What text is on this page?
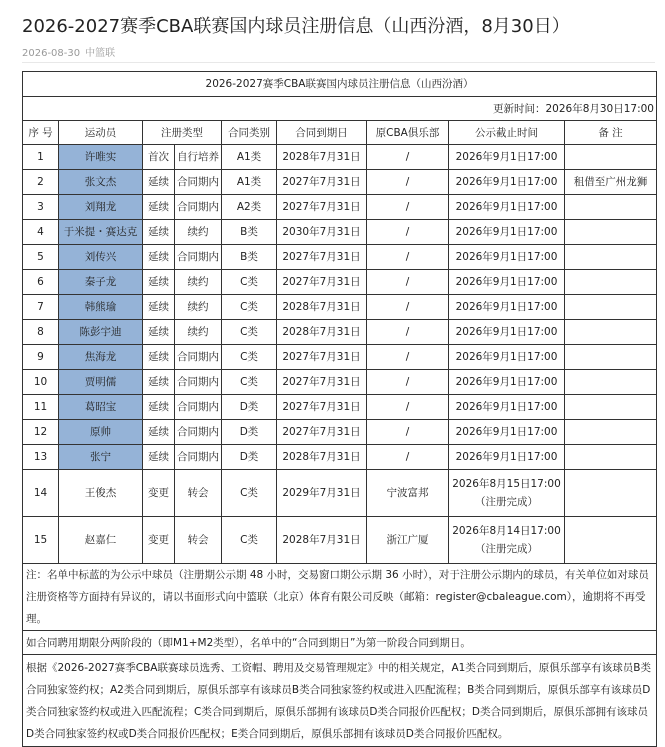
2026-2027赛季CBA联赛国内球员注册信息（山西汾酒，8月30日）
2026-08-30 中篮联
2026-2027赛季CBA联赛国内球员注册信息（山西汾酒）								
更新时间：2026年8月30日17:00								
序 号	运动员	注册类型		合同类别	合同到期日	原CBA俱乐部	公示截止时间	备 注
1	许唯实	首次	自行培养	A1类	2028年7月31日	/	2026年9月1日17:00	
2	张文杰	延续	合同期内	A1类	2027年7月31日	/	2026年9月1日17:00	租借至广州龙狮
3	刘翔龙	延续	合同期内	A2类	2027年7月31日	/	2026年9月1日17:00	
4	于米提・赛达克	延续	续约	B类	2030年7月31日	/	2026年9月1日17:00	
5	刘传兴	延续	合同期内	B类	2027年7月31日	/	2026年9月1日17:00	
6	秦子龙	延续	续约	C类	2027年7月31日	/	2026年9月1日17:00	
7	韩熊瑜	延续	续约	C类	2028年7月31日	/	2026年9月1日17:00	
8	陈彭宇迪	延续	续约	C类	2028年7月31日	/	2026年9月1日17:00	
9	焦海龙	延续	合同期内	C类	2027年7月31日	/	2026年9月1日17:00	
10	贾明儒	延续	合同期内	C类	2027年7月31日	/	2026年9月1日17:00	
11	葛昭宝	延续	合同期内	D类	2027年7月31日	/	2026年9月1日17:00	
12	原帅	延续	合同期内	D类	2027年7月31日	/	2026年9月1日17:00	
13	张宁	延续	合同期内	D类	2028年7月31日	/	2026年9月1日17:00	
14	王俊杰	变更	转会	C类	2029年7月31日	宁波富邦	2026年8月15日17:00
（注册完成）	

15	赵嘉仁	变更	转会	C类	2028年7月31日	浙江广厦	2026年8月14日17:00
（注册完成）	

注：名单中标蓝的为公示中球员（注册期公示期 48 小时，交易窗口期公示期 36 小时），对于注册公示期内的球员，有关单位如对球员注册资格等方面持有异议的，请以书面形式向中篮联（北京）体育有限公司反映（邮箱：register@cbaleague.com），逾期将不再受理。								
如合同聘用期限分两阶段的（即M1+M2类型），名单中的“合同到期日”为第一阶段合同到期日。								
根据《2026-2027赛季CBA联赛球员选秀、工资帽、聘用及交易管理规定》中的相关规定，A1类合同到期后，原俱乐部享有该球员B类合同独家签约权；A2类合同到期后，原俱乐部享有该球员B类合同独家签约权或进入匹配流程；B类合同到期后，原俱乐部享有该球员D类合同独家签约权或进入匹配流程；C类合同到期后，原俱乐部拥有该球员D类合同报价匹配权；D类合同到期后，原俱乐部拥有该球员D类合同独家签约权或D类合同报价匹配权；E类合同到期后，原俱乐部拥有该球员D类合同报价匹配权。								
